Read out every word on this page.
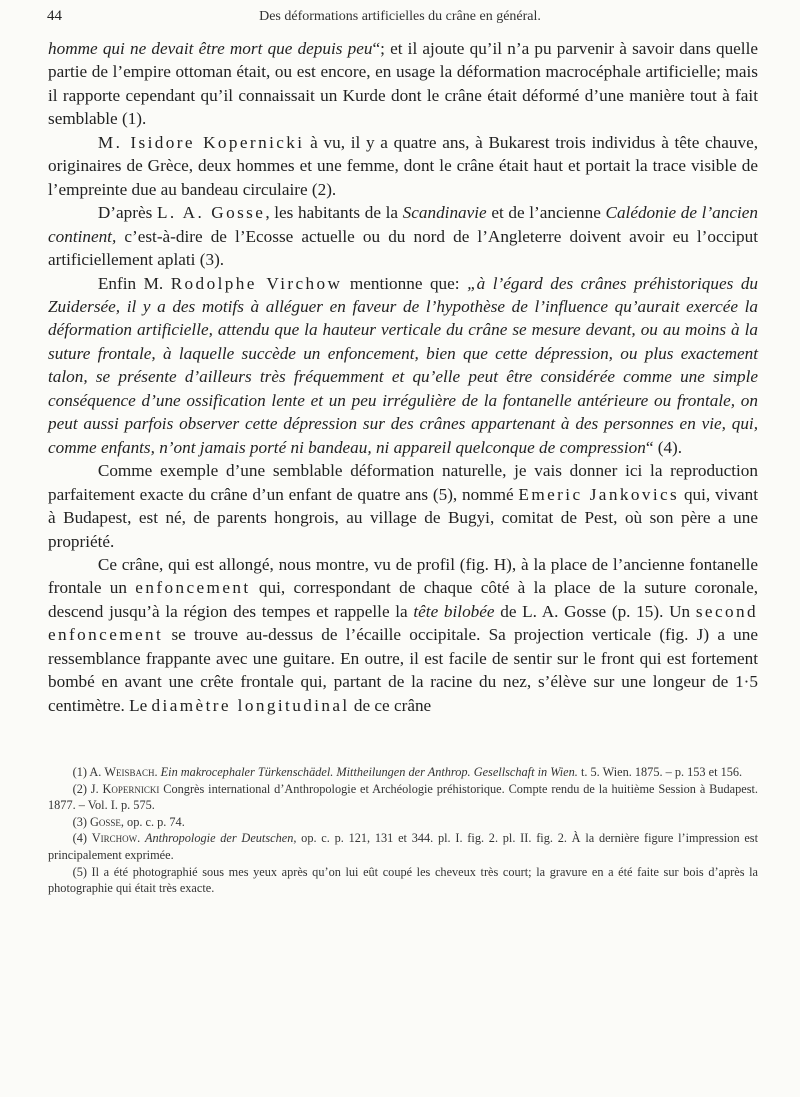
44	Des déformations artificielles du crâne en général.

homme qui ne devait être mort que depuis peu“; et il ajoute qu’il n’a pu parvenir à savoir dans quelle partie de l’empire ottoman était, ou est encore, en usage la déformation macrocéphale artificielle; mais il rapporte cependant qu’il connaissait un Kurde dont le crâne était déformé d’une manière tout à fait semblable (1).

M. Isidore Kopernicki à vu, il y a quatre ans, à Bukarest trois individus à tête chauve, originaires de Grèce, deux hommes et une femme, dont le crâne était haut et portait la trace visible de l’empreinte due au bandeau circulaire (2).

D’après L. A. Gosse, les habitants de la Scandinavie et de l’ancienne Calédonie de l’ancien continent, c’est-à-dire de l’Ecosse actuelle ou du nord de l’Angleterre doivent avoir eu l’occiput artificiellement aplati (3).

Enfin M. Rodolphe Virchow mentionne que: „à l’égard des crânes préhistoriques du Zuidersée, il y a des motifs à alléguer en faveur de l’hypothèse de l’influence qu’aurait exercée la déformation artificielle, attendu que la hauteur verticale du crâne se mesure devant, ou au moins à la suture frontale, à laquelle succède un enfoncement, bien que cette dépression, ou plus exactement talon, se présente d’ailleurs très fréquemment et qu’elle peut être considérée comme une simple conséquence d’une ossification lente et un peu irrégulière de la fontanelle antérieure ou frontale, on peut aussi parfois observer cette dépression sur des crânes appartenant à des personnes en vie, qui, comme enfants, n’ont jamais porté ni bandeau, ni appareil quelconque de compression“ (4).

Comme exemple d’une semblable déformation naturelle, je vais donner ici la reproduction parfaitement exacte du crâne d’un enfant de quatre ans (5), nommé Emeric Jankovics qui, vivant à Budapest, est né, de parents hongrois, au village de Bugyi, comitat de Pest, où son père a une propriété.

Ce crâne, qui est allongé, nous montre, vu de profil (fig. H), à la place de l’ancienne fontanelle frontale un enfoncement qui, correspondant de chaque côté à la place de la suture coronale, descend jusqu’à la région des tempes et rappelle la tête bilobée de L. A. Gosse (p. 15). Un second enfoncement se trouve au-dessus de l’écaille occipitale. Sa projection verticale (fig. J) a une ressemblance frappante avec une guitare. En outre, il est facile de sentir sur le front qui est fortement bombé en avant une crête frontale qui, partant de la racine du nez, s’élève sur une longeur de 1·5 centimètre. Le diamètre longitudinal de ce crâne

(1) A. Weisbach. Ein makrocephaler Türkenschädel. Mittheilungen der Anthrop. Gesellschaft in Wien. t. 5. Wien. 1875. – p. 153 et 156.

(2) J. Kopernicki Congrès international d’Anthropologie et Archéologie préhistorique. Compte rendu de la huitième Session à Budapest. 1877. – Vol. I. p. 575.

(3) Gosse, op. c. p. 74.

(4) Virchow. Anthropologie der Deutschen, op. c. p. 121, 131 et 344. pl. I. fig. 2. pl. II. fig. 2. À la dernière figure l’impression est principalement exprimée.

(5) Il a été photographié sous mes yeux après qu’on lui eût coupé les cheveux très court; la gravure en a été faite sur bois d’après la photographie qui était très exacte.
